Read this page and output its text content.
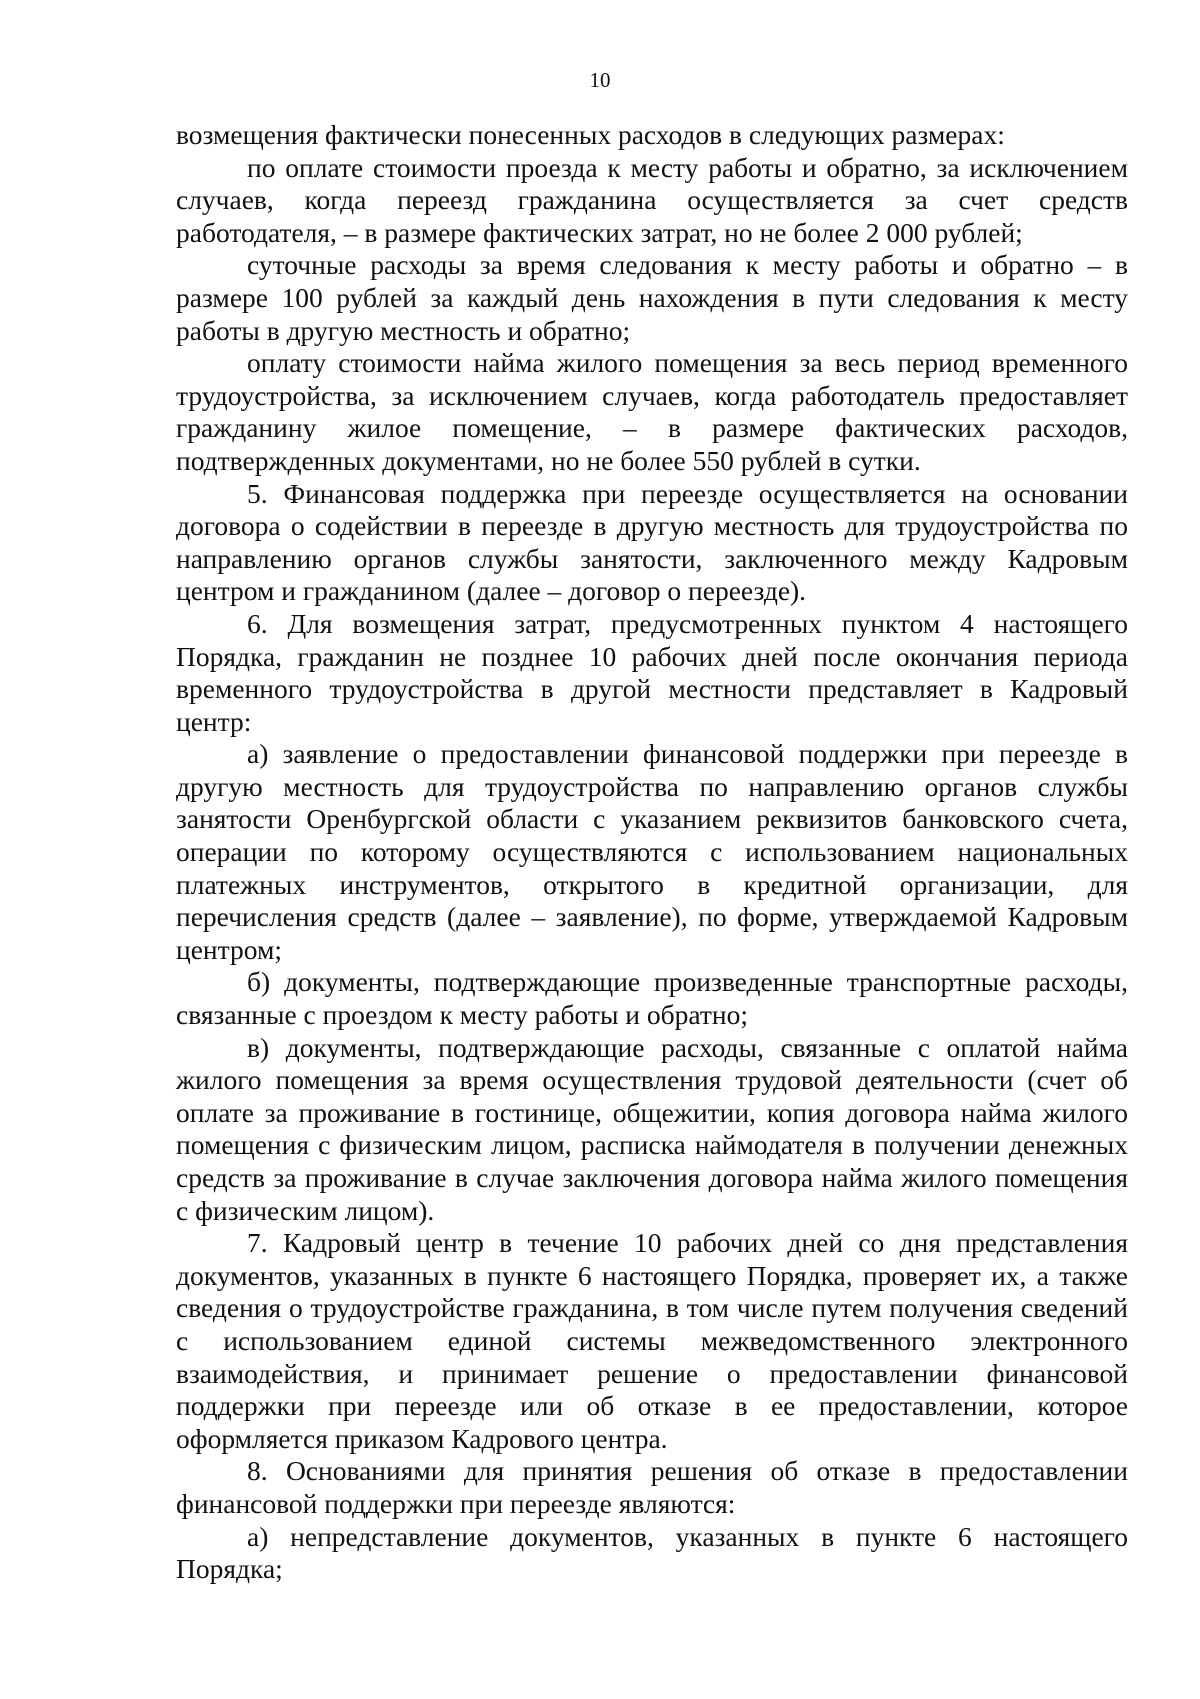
10

возмещения фактически понесенных расходов в следующих размерах:

по оплате стоимости проезда к месту работы и обратно, за исключением случаев, когда переезд гражданина осуществляется за счет средств работодателя, – в размере фактических затрат, но не более 2 000 рублей;

суточные расходы за время следования к месту работы и обратно – в размере 100 рублей за каждый день нахождения в пути следования к месту работы в другую местность и обратно;

оплату стоимости найма жилого помещения за весь период временного трудоустройства, за исключением случаев, когда работодатель предоставляет гражданину жилое помещение, – в размере фактических расходов, подтвержденных документами, но не более 550 рублей в сутки.

5. Финансовая поддержка при переезде осуществляется на основании договора о содействии в переезде в другую местность для трудоустройства по направлению органов службы занятости, заключенного между Кадровым центром и гражданином (далее – договор о переезде).

6. Для возмещения затрат, предусмотренных пунктом 4 настоящего Порядка, гражданин не позднее 10 рабочих дней после окончания периода временного трудоустройства в другой местности представляет в Кадровый центр:

а) заявление о предоставлении финансовой поддержки при переезде в другую местность для трудоустройства по направлению органов службы занятости Оренбургской области с указанием реквизитов банковского счета, операции по которому осуществляются с использованием национальных платежных инструментов, открытого в кредитной организации, для перечисления средств (далее – заявление), по форме, утверждаемой Кадровым центром;

б) документы, подтверждающие произведенные транспортные расходы, связанные с проездом к месту работы и обратно;

в) документы, подтверждающие расходы, связанные с оплатой найма жилого помещения за время осуществления трудовой деятельности (счет об оплате за проживание в гостинице, общежитии, копия договора найма жилого помещения с физическим лицом, расписка наймодателя в получении денежных средств за проживание в случае заключения договора найма жилого помещения с физическим лицом).

7. Кадровый центр в течение 10 рабочих дней со дня представления документов, указанных в пункте 6 настоящего Порядка, проверяет их, а также сведения о трудоустройстве гражданина, в том числе путем получения сведений с использованием единой системы межведомственного электронного взаимодействия, и принимает решение о предоставлении финансовой поддержки при переезде или об отказе в ее предоставлении, которое оформляется приказом Кадрового центра.

8. Основаниями для принятия решения об отказе в предоставлении финансовой поддержки при переезде являются:

а) непредставление документов, указанных в пункте 6 настоящего Порядка;
